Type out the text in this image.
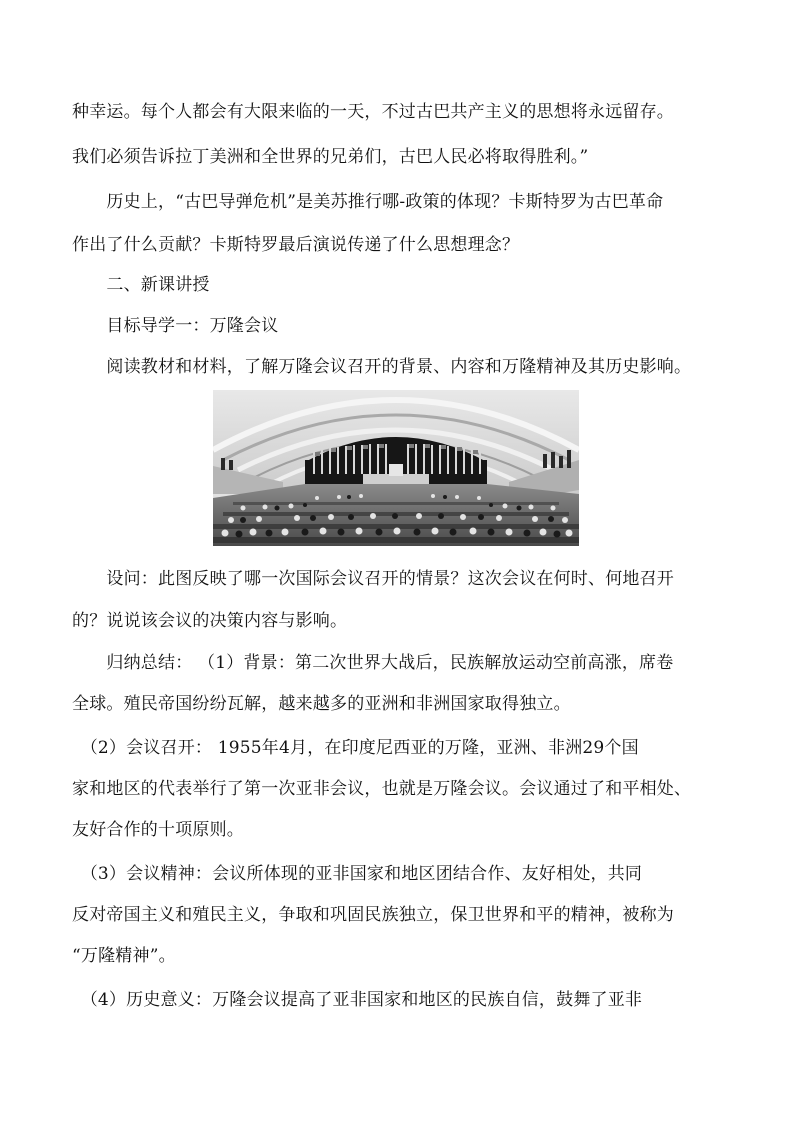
种幸运。每个人都会有大限来临的一天，不过古巴共产主义的思想将永远留存。
我们必须告诉拉丁美洲和全世界的兄弟们，古巴人民必将取得胜利。”
　　历史上，“古巴导弹危机”是美苏推行哪-政策的体现？卡斯特罗为古巴革命
作出了什么贡献？卡斯特罗最后演说传递了什么思想理念？
　　二、新课讲授
　　目标导学一：万隆会议
　　阅读教材和材料，了解万隆会议召开的背景、内容和万隆精神及其历史影响。
　　设问：此图反映了哪一次国际会议召开的情景？这次会议在何时、何地召开
的？说说该会议的决策内容与影响。
　　归纳总结： （1）背景：第二次世界大战后，民族解放运动空前高涨，席卷
全球。殖民帝国纷纷瓦解，越来越多的亚洲和非洲国家取得独立。
　（2）会议召开： 1955年4月，在印度尼西亚的万隆，亚洲、非洲29个国
家和地区的代表举行了第一次亚非会议，也就是万隆会议。会议通过了和平相处、
友好合作的十项原则。
　（3）会议精神：会议所体现的亚非国家和地区团结合作、友好相处，共同
反对帝国主义和殖民主义，争取和巩固民族独立，保卫世界和平的精神，被称为
“万隆精神”。
　（4）历史意义：万隆会议提高了亚非国家和地区的民族自信，鼓舞了亚非
